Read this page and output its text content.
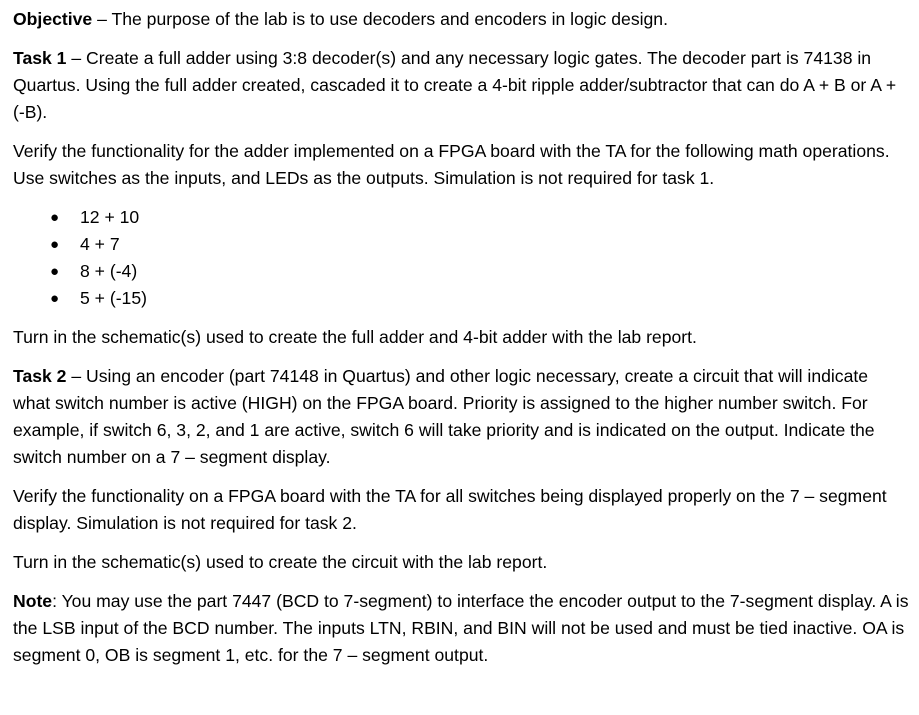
Objective – The purpose of the lab is to use decoders and encoders in logic design.

Task 1 – Create a full adder using 3:8 decoder(s) and any necessary logic gates. The decoder part is 74138 in Quartus. Using the full adder created, cascaded it to create a 4-bit ripple adder/subtractor that can do A + B or A + (-B).

Verify the functionality for the adder implemented on a FPGA board with the TA for the following math operations. Use switches as the inputs, and LEDs as the outputs. Simulation is not required for task 1.

● 12 + 10
● 4 + 7
● 8 + (-4)
● 5 + (-15)

Turn in the schematic(s) used to create the full adder and 4-bit adder with the lab report.

Task 2 – Using an encoder (part 74148 in Quartus) and other logic necessary, create a circuit that will indicate what switch number is active (HIGH) on the FPGA board. Priority is assigned to the higher number switch. For example, if switch 6, 3, 2, and 1 are active, switch 6 will take priority and is indicated on the output. Indicate the switch number on a 7 – segment display.

Verify the functionality on a FPGA board with the TA for all switches being displayed properly on the 7 – segment display. Simulation is not required for task 2.

Turn in the schematic(s) used to create the circuit with the lab report.

Note: You may use the part 7447 (BCD to 7-segment) to interface the encoder output to the 7-segment display. A is the LSB input of the BCD number. The inputs LTN, RBIN, and BIN will not be used and must be tied inactive. OA is segment 0, OB is segment 1, etc. for the 7 – segment output.
